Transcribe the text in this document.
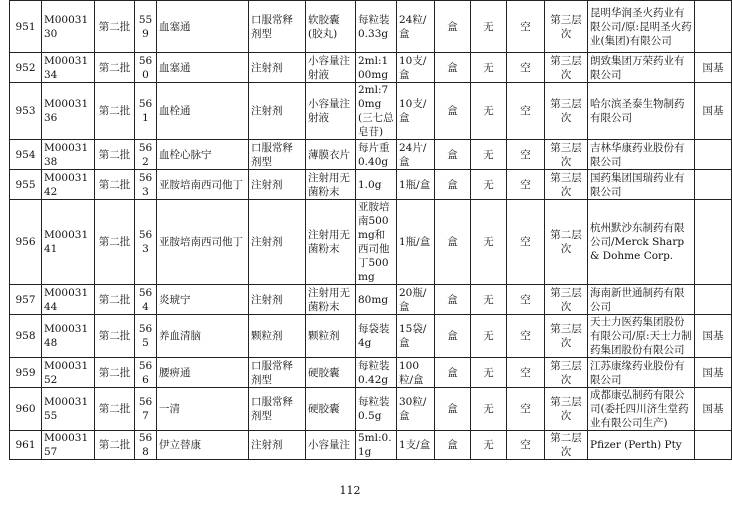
951	M0003130	第二批	559	血塞通	口服常释剂型	软胶囊(胶丸)	每粒装0.33g	24粒/盒	盒	无	空	第三层次	昆明华润圣火药业有限公司/原:昆明圣火药业(集团)有限公司	
952	M0003134	第二批	560	血塞通	注射剂	小容量注射液	2ml:100mg	10支/盒	盒	无	空	第三层次	朗致集团万荣药业有限公司	国基
953	M0003136	第二批	561	血栓通	注射剂	小容量注射液	2ml:70mg(三七总皂苷)	10支/盒	盒	无	空	第三层次	哈尔滨圣泰生物制药有限公司	国基
954	M0003138	第二批	562	血栓心脉宁	口服常释剂型	薄膜衣片	每片重0.40g	24片/盒	盒	无	空	第三层次	吉林华康药业股份有限公司	
955	M0003142	第二批	563	亚胺培南西司他丁	注射剂	注射用无菌粉末	1.0g	1瓶/盒	盒	无	空	第三层次	国药集团国瑞药业有限公司	
956	M0003141	第二批	563	亚胺培南西司他丁	注射剂	注射用无菌粉末	亚胺培南500mg和西司他丁500mg	1瓶/盒	盒	无	空	第二层次	杭州默沙东制药有限公司/Merck Sharp & Dohme Corp.	
957	M0003144	第二批	564	炎琥宁	注射剂	注射用无菌粉末	80mg	20瓶/盒	盒	无	空	第三层次	海南新世通制药有限公司	
958	M0003148	第二批	565	养血清脑	颗粒剂	颗粒剂	每袋装4g	15袋/盒	盒	无	空	第三层次	天士力医药集团股份有限公司/原:天士力制药集团股份有限公司	国基
959	M0003152	第二批	566	腰痹通	口服常释剂型	硬胶囊	每粒装0.42g	100粒/盒	盒	无	空	第三层次	江苏康缘药业股份有限公司	国基
960	M0003155	第二批	567	一清	口服常释剂型	硬胶囊	每粒装0.5g	30粒/盒	盒	无	空	第三层次	成都康弘制药有限公司(委托四川济生堂药业有限公司生产)	国基
961	M0003157	第二批	568	伊立替康	注射剂	小容量注	5ml:0.1g	1支/盒	盒	无	空	第二层次	Pfizer (Perth) Pty	
112
